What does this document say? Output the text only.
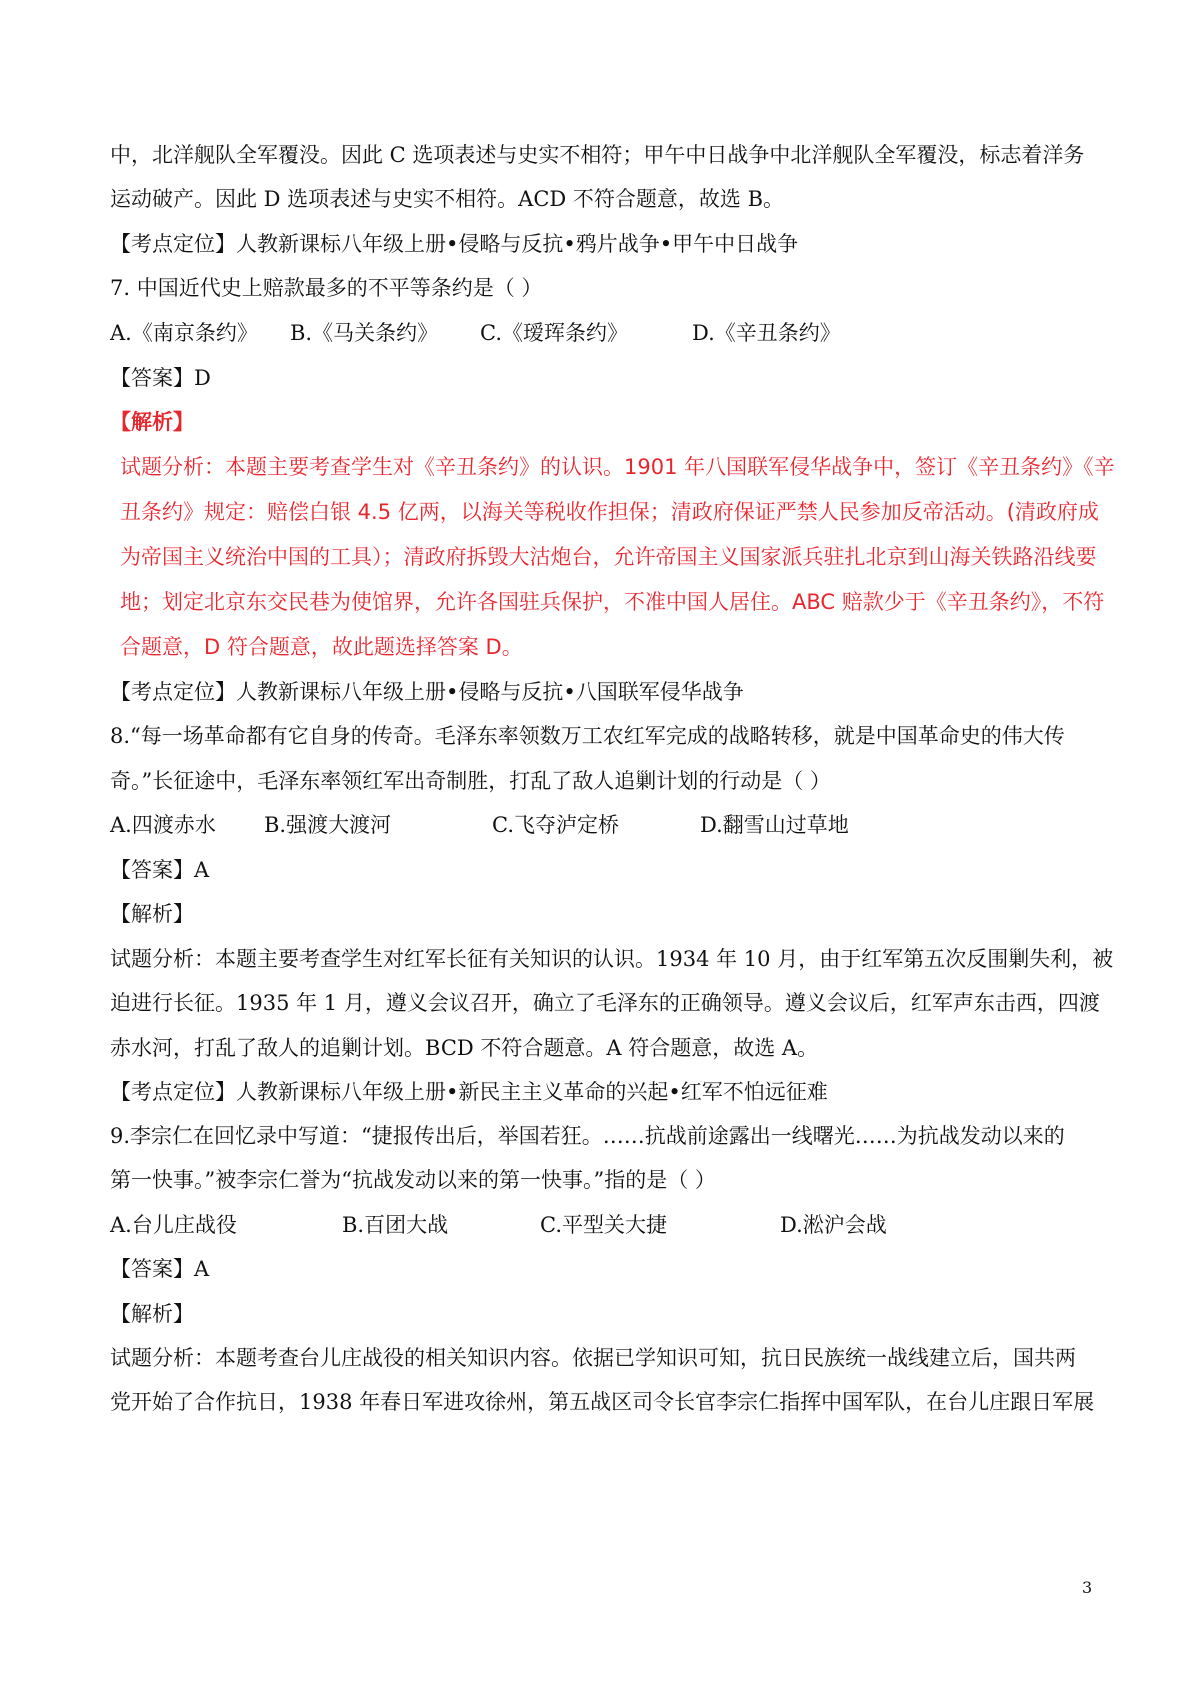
中，北洋舰队全军覆没。因此 C 选项表述与史实不相符；甲午中日战争中北洋舰队全军覆没，标志着洋务

运动破产。因此 D 选项表述与史实不相符。ACD 不符合题意，故选 B。

【考点定位】人教新课标八年级上册•侵略与反抗•鸦片战争•甲午中日战争

7. 中国近代史上赔款最多的不平等条约是（ ）

A.《南京条约》 B.《马关条约》 C.《瑷珲条约》	D.《辛丑条约》

【答案】D

【解析】

试题分析：本题主要考查学生对《辛丑条约》的认识。1901 年八国联军侵华战争中，签订《辛丑条约》《辛

丑条约》规定：赔偿白银 4.5 亿两，以海关等税收作担保；清政府保证严禁人民参加反帝活动。(清政府成

为帝国主义统治中国的工具）；清政府拆毁大沽炮台，允许帝国主义国家派兵驻扎北京到山海关铁路沿线要

地；划定北京东交民巷为使馆界，允许各国驻兵保护，不准中国人居住。ABC 赔款少于《辛丑条约》，不符

合题意，D 符合题意，故此题选择答案 D。

【考点定位】人教新课标八年级上册•侵略与反抗•八国联军侵华战争

8.“每一场革命都有它自身的传奇。毛泽东率领数万工农红军完成的战略转移，就是中国革命史的伟大传

奇。”长征途中，毛泽东率领红军出奇制胜，打乱了敌人追剿计划的行动是（ ）

A.四渡赤水 B.强渡大渡河	C.飞夺泸定桥	D.翻雪山过草地

【答案】A

【解析】

试题分析：本题主要考查学生对红军长征有关知识的认识。1934 年 10 月，由于红军第五次反围剿失利，被

迫进行长征。1935 年 1 月，遵义会议召开，确立了毛泽东的正确领导。遵义会议后，红军声东击西，四渡

赤水河，打乱了敌人的追剿计划。BCD 不符合题意。A 符合题意，故选 A。

【考点定位】人教新课标八年级上册•新民主主义革命的兴起•红军不怕远征难

9.李宗仁在回忆录中写道：“捷报传出后，举国若狂。……抗战前途露出一线曙光……为抗战发动以来的

第一快事。”被李宗仁誉为“抗战发动以来的第一快事。”指的是（ ）

A.台儿庄战役	B.百团大战	C.平型关大捷	D.淞沪会战

【答案】A

【解析】

试题分析：本题考查台儿庄战役的相关知识内容。依据已学知识可知，抗日民族统一战线建立后，国共两

党开始了合作抗日，1938 年春日军进攻徐州，第五战区司令长官李宗仁指挥中国军队，在台儿庄跟日军展

3
